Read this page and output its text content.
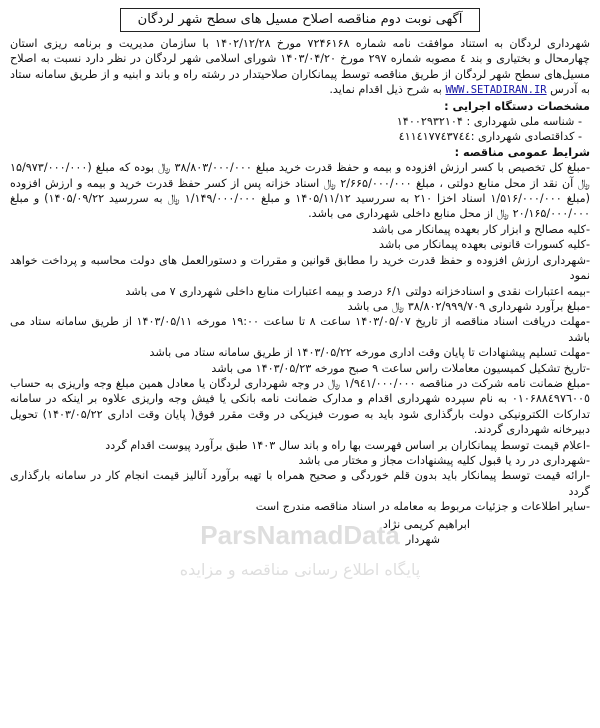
آگهی نوبت دوم مناقصه اصلاح مسیل های سطح شهر لردگان

شهرداری لردگان به استناد موافقت نامه شماره ۷۲۴۶۱۶۸ مورخ ۱۴۰۲/۱۲/۲۸ با سازمان مدیریت و برنامه ریزی استان چهارمحال و بختیاری و بند ٤ مصوبه شماره ۲۹۷ مورخ ۱۴۰۳/۰۴/۲۰ شورای اسلامی شهر لردگان در نظر دارد نسبت به اصلاح مسیل‌های سطح شهر لردگان از طریق مناقصه توسط پیمانکاران صلاحیتدار در رشته راه و باند و ابنیه و از طریق سامانه ستاد به آدرس WWW.SETADIRAN.IR به شرح ذیل اقدام نماید.

مشخصات دستگاه اجرایی :

- شناسه ملی شهرداری : ۱۴۰۰۲۹۳۲۱۰۴

- کداقتصادی شهرداری :٤١١٤١٧٧٤٣٧٤٤

شرایط عمومی مناقصه :

-مبلغ کل تخصیص با کسر ارزش افزوده و بیمه و حفظ قدرت خرید مبلغ ۳۸/۸۰۳/۰۰۰/۰۰۰ ﷼ بوده که مبلغ (۱۵/۹۷۳/۰۰۰/۰۰۰ ﷼ آن نقد از محل منابع دولتی ، مبلغ ۲/۶۶۵/۰۰۰/۰۰۰ ﷼ اسناد خزانه پس از کسر حفظ قدرت خرید و بیمه و ارزش افزوده (مبلغ ۱/۵۱۶/۰۰۰/۰۰۰ اسناد اخزا ۲۱۰ به سررسید ۱۴۰۵/۱۱/۱۲ و مبلغ ۱/۱۴۹/۰۰۰/۰۰۰ ﷼ به سررسید ۱۴۰۵/۰۹/۲۲) و مبلغ ۲۰/۱۶۵/۰۰۰/۰۰۰ ﷼ از محل منابع داخلی شهرداری می باشد.

-کلیه مصالح و ابزار کار بعهده پیمانکار می باشد

-کلیه کسورات قانونی بعهده پیمانکار می باشد

-شهرداری ارزش افزوده و حفظ قدرت خرید را مطابق قوانین و مقررات و دستورالعمل های دولت محاسبه و پرداخت خواهد نمود

-بیمه اعتبارات نقدی و اسنادخزانه دولتی ۶/۱ درصد و بیمه اعتبارات منابع داخلی شهرداری ۷ می باشد

-مبلغ برآورد شهرداری ۳۸/۸۰۲/۹۹۹/۷۰۹ ﷼ می باشد

-مهلت دریافت اسناد مناقصه از تاریخ ۱۴۰۳/۰۵/۰۷ ساعت ۸ تا ساعت ۱۹:۰۰ مورخه ۱۴۰۳/۰۵/۱۱ از طریق سامانه ستاد می باشد

-مهلت تسلیم پیشنهادات تا پایان وقت اداری مورخه ۱۴۰۳/۰۵/۲۲ از طریق سامانه ستاد می باشد

-تاریخ تشکیل کمیسیون معاملات راس ساعت ۹ صبح مورخه ۱۴۰۳/۰۵/۲۳ می باشد

-مبلغ ضمانت نامه شرکت در مناقصه ۱/۹٤۱/۰۰۰/۰۰۰ ﷼ در وجه شهرداری لردگان یا معادل همین مبلغ وجه واریزی به حساب ۰۱۰۶۸۸٤٩٧٦٠٠٥ به نام سپرده شهرداری اقدام و مدارک ضمانت نامه بانکی یا فیش وجه واریزی علاوه بر اینکه در سامانه تدارکات الکترونیکی دولت بارگذاری شود باید به صورت فیزیکی در وقت مقرر فوق( پایان وقت اداری ۱۴۰۳/۰۵/۲۲) تحویل دبیرخانه شهرداری گردند.

-اعلام قیمت توسط پیمانکاران بر اساس فهرست بها راه و باند سال ۱۴۰۳ طبق برآورد پیوست اقدام گردد

-شهرداری در رد یا قبول کلیه پیشنهادات مجاز و مختار می باشد

-ارائه قیمت توسط پیمانکار باید بدون قلم خوردگی و صحیح همراه با تهیه برآورد آنالیز قیمت انجام کار در سامانه بارگذاری گردد

-سایر اطلاعات و جزئیات مربوط به معامله در اسناد مناقصه مندرج است

ابراهیم کریمی نژاد

شهردار

ParsNamadData
پایگاه اطلاع رسانی مناقصه و مزایده
